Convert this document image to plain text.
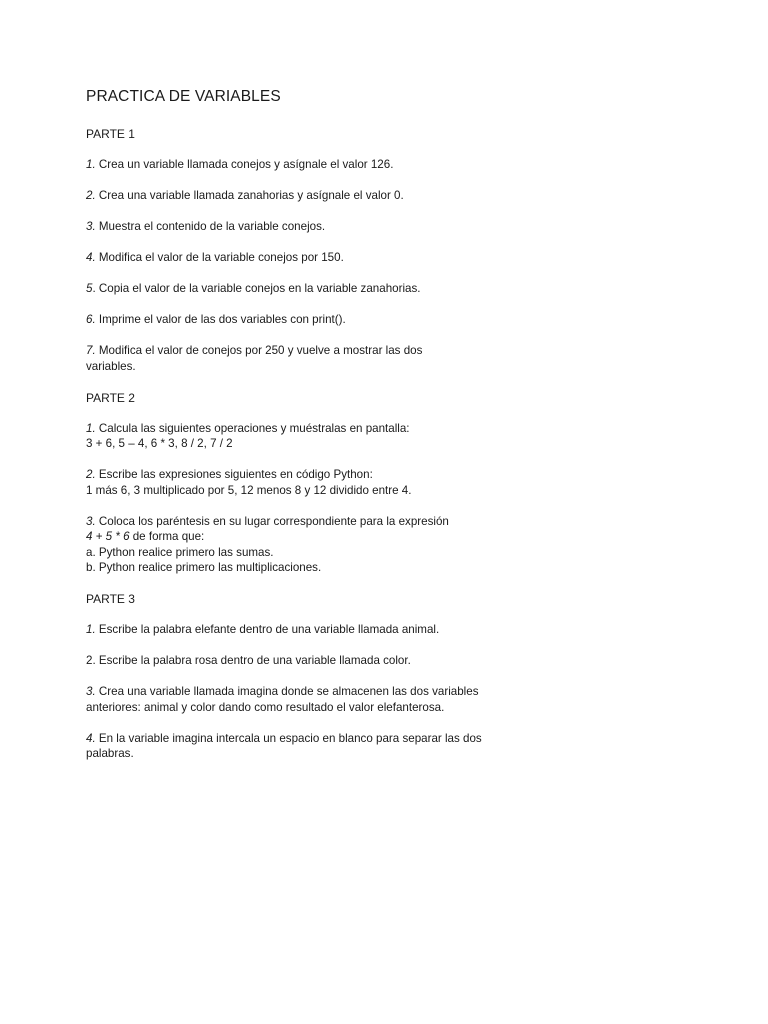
PRACTICA DE VARIABLES
PARTE 1
1. Crea un variable llamada conejos y asígnale el valor 126.
2. Crea una variable llamada zanahorias y asígnale el valor 0.
3. Muestra el contenido de la variable conejos.
4. Modifica el valor de la variable conejos por 150.
5. Copia el valor de la variable conejos en la variable zanahorias.
6. Imprime el valor de las dos variables con print().
7. Modifica el valor de conejos por 250 y vuelve a mostrar las dos
variables.
PARTE 2
1. Calcula las siguientes operaciones y muéstralas en pantalla:
3 + 6, 5 – 4, 6 * 3, 8 / 2, 7 / 2
2. Escribe las expresiones siguientes en código Python:
1 más 6, 3 multiplicado por 5, 12 menos 8 y 12 dividido entre 4.
3. Coloca los paréntesis en su lugar correspondiente para la expresión
4 + 5 * 6 de forma que:
a. Python realice primero las sumas.
b. Python realice primero las multiplicaciones.
PARTE 3
1. Escribe la palabra elefante dentro de una variable llamada animal.
2. Escribe la palabra rosa dentro de una variable llamada color.
3. Crea una variable llamada imagina donde se almacenen las dos variables
anteriores: animal y color dando como resultado el valor elefanterosa.
4. En la variable imagina intercala un espacio en blanco para separar las dos
palabras.
